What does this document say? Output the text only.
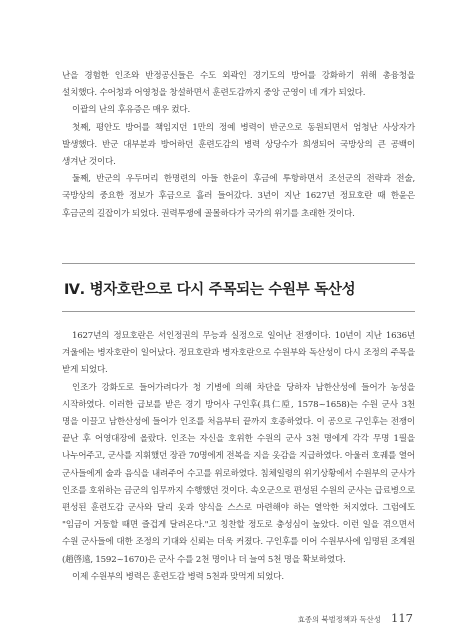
난을 경험한 인조와 반정공신들은 수도 외곽인 경기도의 방어를 강화하기 위해 총융청을 설치했다. 수어청과 어영청을 창설하면서 훈련도감까지 중앙 군영이 네 개가 되었다.

이괄의 난의 후유증은 매우 컸다.

첫째, 평안도 방어를 책임지던 1만의 정예 병력이 반군으로 동원되면서 엄청난 사상자가 발생했다. 반군 대부분과 방어하던 훈련도감의 병력 상당수가 희생되어 국방상의 큰 공백이 생겨난 것이다.

둘째, 반군의 우두머리 한명련의 아들 한윤이 후금에 투항하면서 조선군의 전략과 전술, 국방상의 중요한 정보가 후금으로 흘러 들어갔다. 3년이 지난 1627년 정묘호란 때 한윤은 후금군의 길잡이가 되었다. 권력투쟁에 골몰하다가 국가의 위기를 초래한 것이다.

Ⅳ. 병자호란으로 다시 주목되는 수원부 독산성

1627년의 정묘호란은 서인정권의 무능과 실정으로 일어난 전쟁이다. 10년이 지난 1636년 겨울에는 병자호란이 일어났다. 정묘호란과 병자호란으로 수원부와 독산성이 다시 조정의 주목을 받게 되었다.

인조가 강화도로 들어가려다가 청 기병에 의해 차단을 당하자 남한산성에 들어가 농성을 시작하였다. 이러한 급보를 받은 경기 방어사 구인후(具仁垕, 1578~1658)는 수원 군사 3천 명을 이끌고 남한산성에 들어가 인조를 처음부터 끝까지 호종하였다. 이 공으로 구인후는 전쟁이 끝난 후 어영대장에 올랐다. 인조는 자신을 호위한 수원의 군사 3천 명에게 각각 무명 1필을 나누어주고, 군사를 지휘했던 장관 70명에게 전복을 지을 옷감을 지급하였다. 아울러 호궤를 열어 군사들에게 술과 음식을 내려주어 수고를 위로하였다. 침체일령의 위기상황에서 수원부의 군사가 인조를 호위하는 금군의 임무까지 수행했던 것이다. 속오군으로 편성된 수원의 군사는 급료병으로 편성된 훈련도감 군사와 달리 옷과 양식을 스스로 마련해야 하는 열악한 처지였다. 그럼에도 "임금이 거둥할 때면 즐겁게 달려온다."고 칭찬할 정도로 충성심이 높았다. 이런 일을 겪으면서 수원 군사들에 대한 조정의 기대와 신뢰는 더욱 커졌다. 구인후를 이어 수원부사에 임명된 조계원(趙啓遠, 1592~1670)은 군사 수를 2천 명이나 더 늘여 5천 명을 확보하였다.

이제 수원부의 병력은 훈련도감 병력 5천과 맞먹게 되었다.

효종의 북벌정책과 독산성 117
